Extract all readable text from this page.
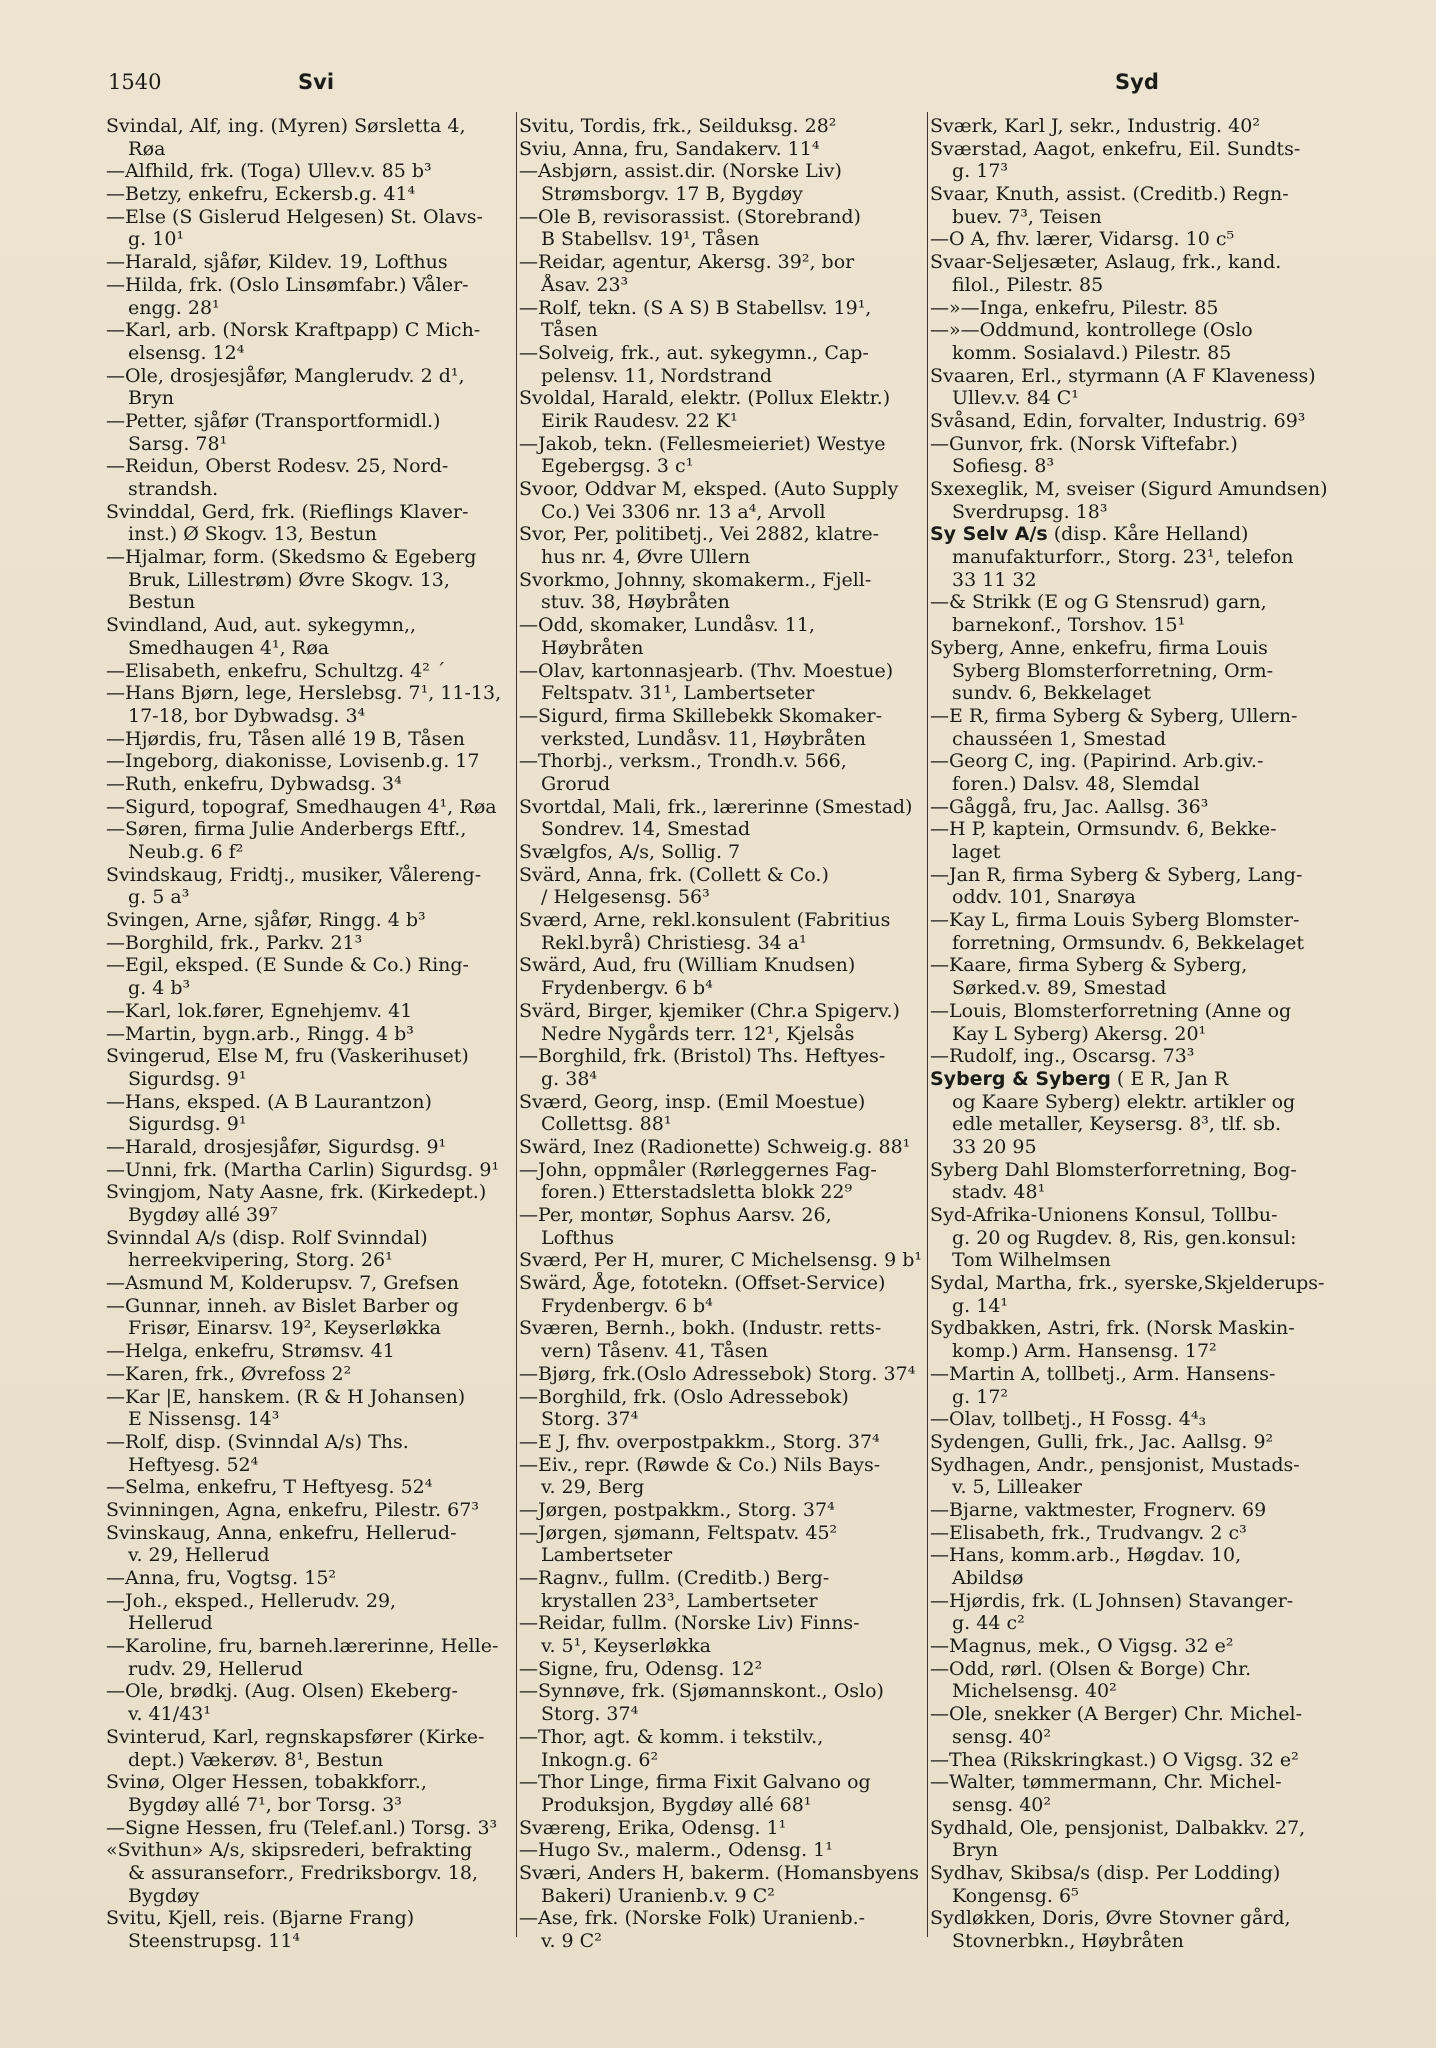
1540	Svi	Syd
Svindal, Alf, ing. (Myren) Sørsletta 4,
Røa
—Alfhild, frk. (Toga) Ullev.v. 85 b³
—Betzy, enkefru, Eckersb.g. 41⁴
—Else (S Gislerud Helgesen) St. Olavs-
g. 10¹
—Harald, sjåfør, Kildev. 19, Lofthus
—Hilda, frk. (Oslo Linsømfabr.) Våler-
engg. 28¹
—Karl, arb. (Norsk Kraftpapp) C Mich-
elsensg. 12⁴
—Ole, drosjesjåfør, Manglerudv. 2 d¹,
Bryn
—Petter, sjåfør (Transportformidl.)
Sarsg. 78¹
—Reidun, Oberst Rodesv. 25, Nord-
strandsh.
Svinddal, Gerd, frk. (Rieflings Klaver-
inst.) Ø Skogv. 13, Bestun
—Hjalmar, form. (Skedsmo & Egeberg
Bruk, Lillestrøm) Øvre Skogv. 13,
Bestun
Svindland, Aud, aut. sykegymn,,
Smedhaugen 4¹, Røa
—Elisabeth, enkefru, Schultzg. 4² ´
—Hans Bjørn, lege, Herslebsg. 7¹, 11-13,
17-18, bor Dybwadsg. 3⁴
—Hjørdis, fru, Tåsen allé 19 B, Tåsen
—Ingeborg, diakonisse, Lovisenb.g. 17
—Ruth, enkefru, Dybwadsg. 3⁴
—Sigurd, topograf, Smedhaugen 4¹, Røa
—Søren, firma Julie Anderbergs Eftf.,
Neub.g. 6 f²
Svindskaug, Fridtj., musiker, Vålereng-
g. 5 a³
Svingen, Arne, sjåfør, Ringg. 4 b³
—Borghild, frk., Parkv. 21³
—Egil, eksped. (E Sunde & Co.) Ring-
g. 4 b³
—Karl, lok.fører, Egnehjemv. 41
—Martin, bygn.arb., Ringg. 4 b³
Svingerud, Else M, fru (Vaskerihuset)
Sigurdsg. 9¹
—Hans, eksped. (A B Laurantzon)
Sigurdsg. 9¹
—Harald, drosjesjåfør, Sigurdsg. 9¹
—Unni, frk. (Martha Carlin) Sigurdsg. 9¹
Svingjom, Naty Aasne, frk. (Kirkedept.)
Bygdøy allé 39⁷
Svinndal A/s (disp. Rolf Svinndal)
herreekvipering, Storg. 26¹
—Asmund M, Kolderupsv. 7, Grefsen
—Gunnar, inneh. av Bislet Barber og
Frisør, Einarsv. 19², Keyserløkka
—Helga, enkefru, Strømsv. 41
—Karen, frk., Øvrefoss 2²
—Kar |E, hanskem. (R & H Johansen)
E Nissensg. 14³
—Rolf, disp. (Svinndal A/s) Ths.
Heftyesg. 52⁴
—Selma, enkefru, T Heftyesg. 52⁴
Svinningen, Agna, enkefru, Pilestr. 67³
Svinskaug, Anna, enkefru, Hellerud-
v. 29, Hellerud
—Anna, fru, Vogtsg. 15²
—Joh., eksped., Hellerudv. 29,
Hellerud
—Karoline, fru, barneh.lærerinne, Helle-
rudv. 29, Hellerud
—Ole, brødkj. (Aug. Olsen) Ekeberg-
v. 41/43¹
Svinterud, Karl, regnskapsfører (Kirke-
dept.) Vækerøv. 8¹, Bestun
Svinø, Olger Hessen, tobakkforr.,
Bygdøy allé 7¹, bor Torsg. 3³
—Signe Hessen, fru (Telef.anl.) Torsg. 3³
«Svithun» A/s, skipsrederi, befrakting
& assuranseforr., Fredriksborgv. 18,
Bygdøy
Svitu, Kjell, reis. (Bjarne Frang)
Steenstrupsg. 11⁴
Svitu, Tordis, frk., Seilduksg. 28²
Sviu, Anna, fru, Sandakerv. 11⁴
—Asbjørn, assist.dir. (Norske Liv)
Strømsborgv. 17 B, Bygdøy
—Ole B, revisorassist. (Storebrand)
B Stabellsv. 19¹, Tåsen
—Reidar, agentur, Akersg. 39², bor
Åsav. 23³
—Rolf, tekn. (S A S) B Stabellsv. 19¹,
Tåsen
—Solveig, frk., aut. sykegymn., Cap-
pelensv. 11, Nordstrand
Svoldal, Harald, elektr. (Pollux Elektr.)
Eirik Raudesv. 22 K¹
—Jakob, tekn. (Fellesmeieriet) Westye
Egebergsg. 3 c¹
Svoor, Oddvar M, eksped. (Auto Supply
Co.) Vei 3306 nr. 13 a⁴, Arvoll
Svor, Per, politibetj., Vei 2882, klatre-
hus nr. 4, Øvre Ullern
Svorkmo, Johnny, skomakerm., Fjell-
stuv. 38, Høybråten
—Odd, skomaker, Lundåsv. 11,
Høybråten
—Olav, kartonnasjearb. (Thv. Moestue)
Feltspatv. 31¹, Lambertseter
—Sigurd, firma Skillebekk Skomaker-
verksted, Lundåsv. 11, Høybråten
—Thorbj., verksm., Trondh.v. 566,
Grorud
Svortdal, Mali, frk., lærerinne (Smestad)
Sondrev. 14, Smestad
Svælgfos, A/s, Sollig. 7
Svärd, Anna, frk. (Collett & Co.)
/ Helgesensg. 56³
Sværd, Arne, rekl.konsulent (Fabritius
Rekl.byrå) Christiesg. 34 a¹
Swärd, Aud, fru (William Knudsen)
Frydenbergv. 6 b⁴
Svärd, Birger, kjemiker (Chr.a Spigerv.)
Nedre Nygårds terr. 12¹, Kjelsås
—Borghild, frk. (Bristol) Ths. Heftyes-
g. 38⁴
Sværd, Georg, insp. (Emil Moestue)
Collettsg. 88¹
Swärd, Inez (Radionette) Schweig.g. 88¹
—John, oppmåler (Rørleggernes Fag-
foren.) Etterstadsletta blokk 22⁹
—Per, montør, Sophus Aarsv. 26,
Lofthus
Sværd, Per H, murer, C Michelsensg. 9 b¹
Swärd, Åge, fototekn. (Offset-Service)
Frydenbergv. 6 b⁴
Sværen, Bernh., bokh. (Industr. retts-
vern) Tåsenv. 41, Tåsen
—Bjørg, frk.(Oslo Adressebok) Storg. 37⁴
—Borghild, frk. (Oslo Adressebok)
Storg. 37⁴
—E J, fhv. overpostpakkm., Storg. 37⁴
—Eiv., repr. (Røwde & Co.) Nils Bays-
v. 29, Berg
—Jørgen, postpakkm., Storg. 37⁴
—Jørgen, sjømann, Feltspatv. 45²
Lambertseter
—Ragnv., fullm. (Creditb.) Berg-
krystallen 23³, Lambertseter
—Reidar, fullm. (Norske Liv) Finns-
v. 5¹, Keyserløkka
—Signe, fru, Odensg. 12²
—Synnøve, frk. (Sjømannskont., Oslo)
Storg. 37⁴
—Thor, agt. & komm. i tekstilv.,
Inkogn.g. 6²
—Thor Linge, firma Fixit Galvano og
Produksjon, Bygdøy allé 68¹
Sværeng, Erika, Odensg. 1¹
—Hugo Sv., malerm., Odensg. 1¹
Sværi, Anders H, bakerm. (Homansbyens
Bakeri) Uranienb.v. 9 C²
—Ase, frk. (Norske Folk) Uranienb.-
v. 9 C²
Sværk, Karl J, sekr., Industrig. 40²
Sværstad, Aagot, enkefru, Eil. Sundts-
g. 17³
Svaar, Knuth, assist. (Creditb.) Regn-
buev. 7³, Teisen
—O A, fhv. lærer, Vidarsg. 10 c⁵
Svaar-Seljesæter, Aslaug, frk., kand.
filol., Pilestr. 85
—»—Inga, enkefru, Pilestr. 85
—»—Oddmund, kontrollege (Oslo
komm. Sosialavd.) Pilestr. 85
Svaaren, Erl., styrmann (A F Klaveness)
Ullev.v. 84 C¹
Svåsand, Edin, forvalter, Industrig. 69³
—Gunvor, frk. (Norsk Viftefabr.)
Sofiesg. 8³
Sxexeglik, M, sveiser (Sigurd Amundsen)
Sverdrupsg. 18³
Sy Selv A/s (disp. Kåre Helland)
manufakturforr., Storg. 23¹, telefon
33 11 32
—& Strikk (E og G Stensrud) garn,
barnekonf., Torshov. 15¹
Syberg, Anne, enkefru, firma Louis
Syberg Blomsterforretning, Orm-
sundv. 6, Bekkelaget
—E R, firma Syberg & Syberg, Ullern-
chausséen 1, Smestad
—Georg C, ing. (Papirind. Arb.giv.-
foren.) Dalsv. 48, Slemdal
—Gåggå, fru, Jac. Aallsg. 36³
—H P, kaptein, Ormsundv. 6, Bekke-
laget
—Jan R, firma Syberg & Syberg, Lang-
oddv. 101, Snarøya
—Kay L, firma Louis Syberg Blomster-
forretning, Ormsundv. 6, Bekkelaget
—Kaare, firma Syberg & Syberg,
Sørked.v. 89, Smestad
—Louis, Blomsterforretning (Anne og
Kay L Syberg) Akersg. 20¹
—Rudolf, ing., Oscarsg. 73³
Syberg & Syberg ( E R, Jan R
og Kaare Syberg) elektr. artikler og
edle metaller, Keysersg. 8³, tlf. sb.
33 20 95
Syberg Dahl Blomsterforretning, Bog-
stadv. 48¹
Syd-Afrika-Unionens Konsul, Tollbu-
g. 20 og Rugdev. 8, Ris, gen.konsul:
Tom Wilhelmsen
Sydal, Martha, frk., syerske,Skjelderups-
g. 14¹
Sydbakken, Astri, frk. (Norsk Maskin-
komp.) Arm. Hansensg. 17²
—Martin A, tollbetj., Arm. Hansens-
g. 17²
—Olav, tollbetj., H Fossg. 4⁴₃
Sydengen, Gulli, frk., Jac. Aallsg. 9²
Sydhagen, Andr., pensjonist, Mustads-
v. 5, Lilleaker
—Bjarne, vaktmester, Frognerv. 69
—Elisabeth, frk., Trudvangv. 2 c³
—Hans, komm.arb., Høgdav. 10,
Abildsø
—Hjørdis, frk. (L Johnsen) Stavanger-
g. 44 c²
—Magnus, mek., O Vigsg. 32 e²
—Odd, rørl. (Olsen & Borge) Chr.
Michelsensg. 40²
—Ole, snekker (A Berger) Chr. Michel-
sensg. 40²
—Thea (Rikskringkast.) O Vigsg. 32 e²
—Walter, tømmermann, Chr. Michel-
sensg. 40²
Sydhald, Ole, pensjonist, Dalbakkv. 27,
Bryn
Sydhav, Skibsa/s (disp. Per Lodding)
Kongensg. 6⁵
Sydløkken, Doris, Øvre Stovner gård,
Stovnerbkn., Høybråten
